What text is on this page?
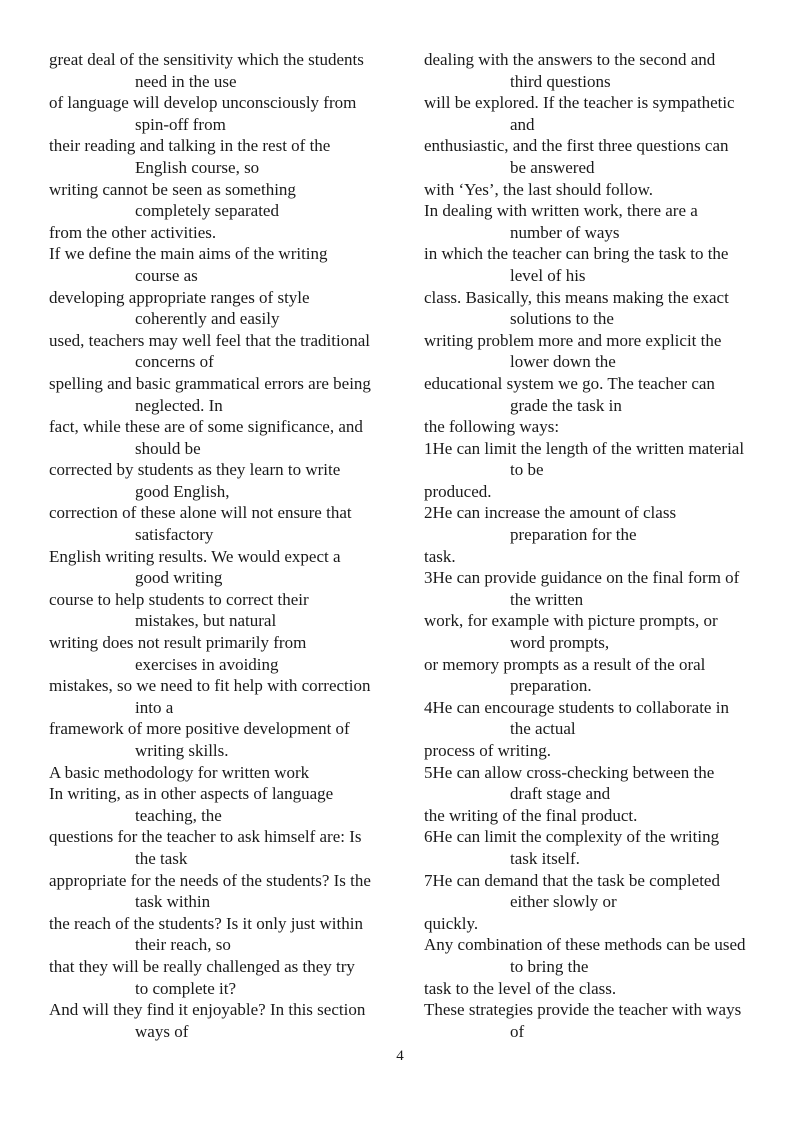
great deal of the sensitivity which the students
need in the use
of language will develop unconsciously from
spin-off from
their reading and talking in the rest of the
English course, so
writing cannot be seen as something
completely separated
from the other activities.
If we define the main aims of the writing
course as
developing appropriate ranges of style
coherently and easily
used, teachers may well feel that the traditional
concerns of
spelling and basic grammatical errors are being
neglected. In
fact, while these are of some significance, and
should be
corrected by students as they learn to write
good English,
correction of these alone will not ensure that
satisfactory
English writing results. We would expect a
good writing
course to help students to correct their
mistakes, but natural
writing does not result primarily from
exercises in avoiding
mistakes, so we need to fit help with correction
into a
framework of more positive development of
writing skills.
A basic methodology for written work
In writing, as in other aspects of language
teaching, the
questions for the teacher to ask himself are: Is
the task
appropriate for the needs of the students? Is the
task within
the reach of the students? Is it only just within
their reach, so
that they will be really challenged as they try
to complete it?
And will they find it enjoyable? In this section
ways of
dealing with the answers to the second and
third questions
will be explored. If the teacher is sympathetic
and
enthusiastic, and the first three questions can
be answered
with ‘Yes’, the last should follow.
In dealing with written work, there are a
number of ways
in which the teacher can bring the task to the
level of his
class. Basically, this means making the exact
solutions to the
writing problem more and more explicit the
lower down the
educational system we go. The teacher can
grade the task in
the following ways:
1He can limit the length of the written material
to be
produced.
2He can increase the amount of class
preparation for the
task.
3He can provide guidance on the final form of
the written
work, for example with picture prompts, or
word prompts,
or memory prompts as a result of the oral
preparation.
4He can encourage students to collaborate in
the actual
process of writing.
5He can allow cross-checking between the
draft stage and
the writing of the final product.
6He can limit the complexity of the writing
task itself.
7He can demand that the task be completed
either slowly or
quickly.
Any combination of these methods can be used
to bring the
task to the level of the class.
These strategies provide the teacher with ways
of
4
